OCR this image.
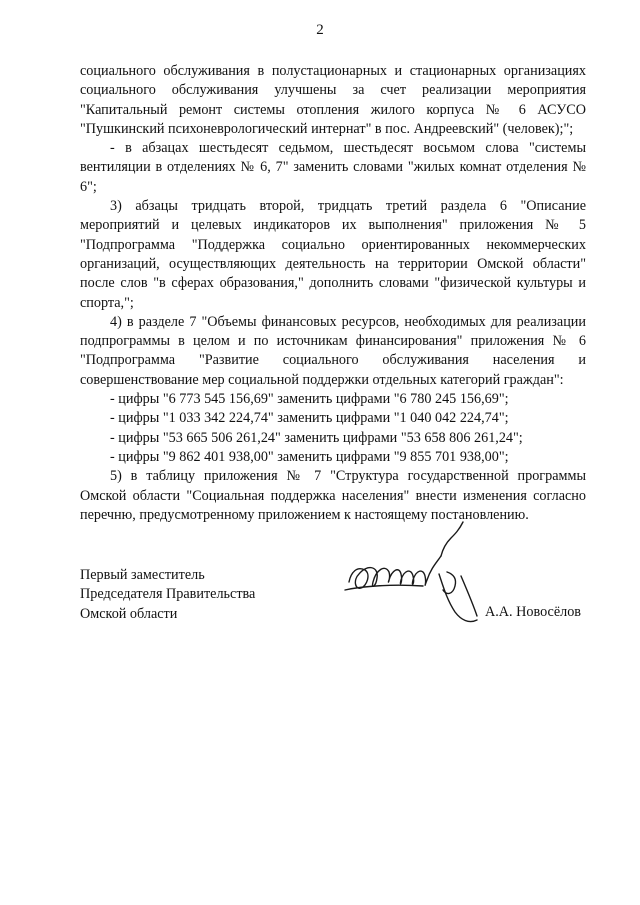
2

социального обслуживания в полустационарных и стационарных организациях социального обслуживания улучшены за счет реализации мероприятия "Капитальный ремонт системы отопления жилого корпуса № 6 АСУСО "Пушкинский психоневрологический интернат" в пос. Андреевский" (человек);";

- в абзацах шестьдесят седьмом, шестьдесят восьмом слова "системы вентиляции в отделениях № 6, 7" заменить словами "жилых комнат отделения № 6";

3) абзацы тридцать второй, тридцать третий раздела 6 "Описание мероприятий и целевых индикаторов их выполнения" приложения № 5 "Подпрограмма "Поддержка социально ориентированных некоммерческих организаций, осуществляющих деятельность на территории Омской области" после слов "в сферах образования," дополнить словами "физической культуры и спорта,";

4) в разделе 7 "Объемы финансовых ресурсов, необходимых для реализации подпрограммы в целом и по источникам финансирования" приложения № 6 "Подпрограмма "Развитие социального обслуживания населения и совершенствование мер социальной поддержки отдельных категорий граждан":

- цифры "6 773 545 156,69" заменить цифрами "6 780 245 156,69";

- цифры "1 033 342 224,74" заменить цифрами "1 040 042 224,74";

- цифры "53 665 506 261,24" заменить цифрами "53 658 806 261,24";

- цифры "9 862 401 938,00" заменить цифрами "9 855 701 938,00";

5) в таблицу приложения № 7 "Структура государственной программы Омской области "Социальная поддержка населения" внести изменения согласно перечню, предусмотренному приложением к настоящему постановлению.

Первый заместитель
Председателя Правительства
Омской области	А.А. Новосёлов
